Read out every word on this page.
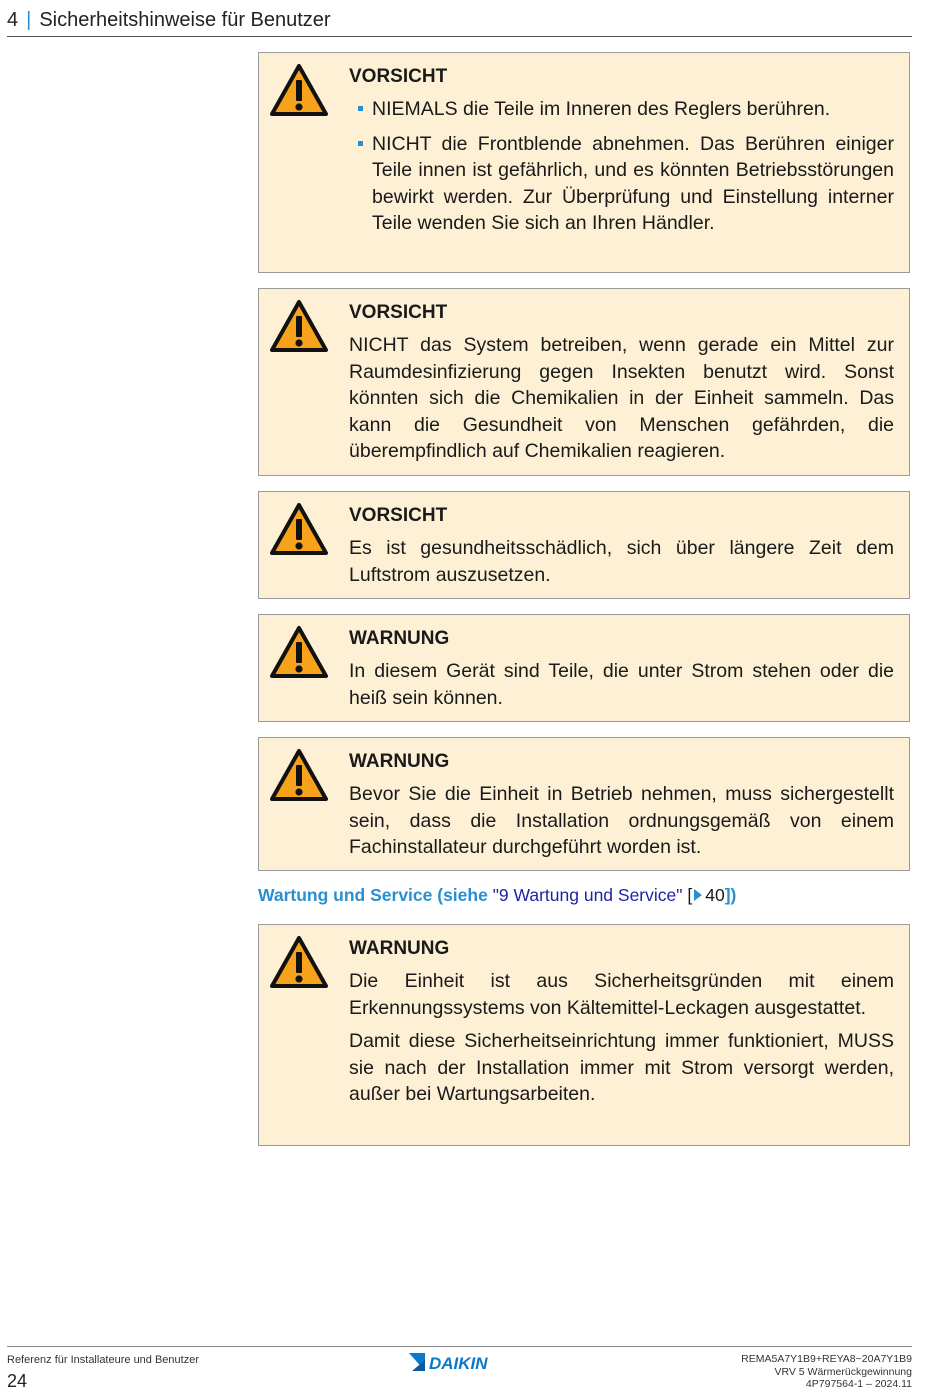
4 | Sicherheitshinweise für Benutzer
VORSICHT
NIEMALS die Teile im Inneren des Reglers berühren.
NICHT die Frontblende abnehmen. Das Berühren einiger Teile innen ist gefährlich, und es könnten Betriebsstörungen bewirkt werden. Zur Überprüfung und Einstellung interner Teile wenden Sie sich an Ihren Händler.
VORSICHT

NICHT das System betreiben, wenn gerade ein Mittel zur Raumdesinfizierung gegen Insekten benutzt wird. Sonst könnten sich die Chemikalien in der Einheit sammeln. Das kann die Gesundheit von Menschen gefährden, die überempfindlich auf Chemikalien reagieren.

VORSICHT

Es ist gesundheitsschädlich, sich über längere Zeit dem Luftstrom auszusetzen.

WARNUNG

In diesem Gerät sind Teile, die unter Strom stehen oder die heiß sein können.

WARNUNG

Bevor Sie die Einheit in Betrieb nehmen, muss sichergestellt sein, dass die Installation ordnungsgemäß von einem Fachinstallateur durchgeführt worden ist.

Wartung und Service (siehe "9 Wartung und Service" [ 40])
WARNUNG

Die Einheit ist aus Sicherheitsgründen mit einem Erkennungssystems von Kältemittel-Leckagen ausgestattet.

Damit diese Sicherheitseinrichtung immer funktioniert, MUSS sie nach der Installation immer mit Strom versorgt werden, außer bei Wartungsarbeiten.

Referenz für Installateure und Benutzer
24
DAIKIN	REMA5A7Y1B9+REYA8~20A7Y1B9
VRV 5 Wärmerückgewinnung
4P797564-1 – 2024.11
